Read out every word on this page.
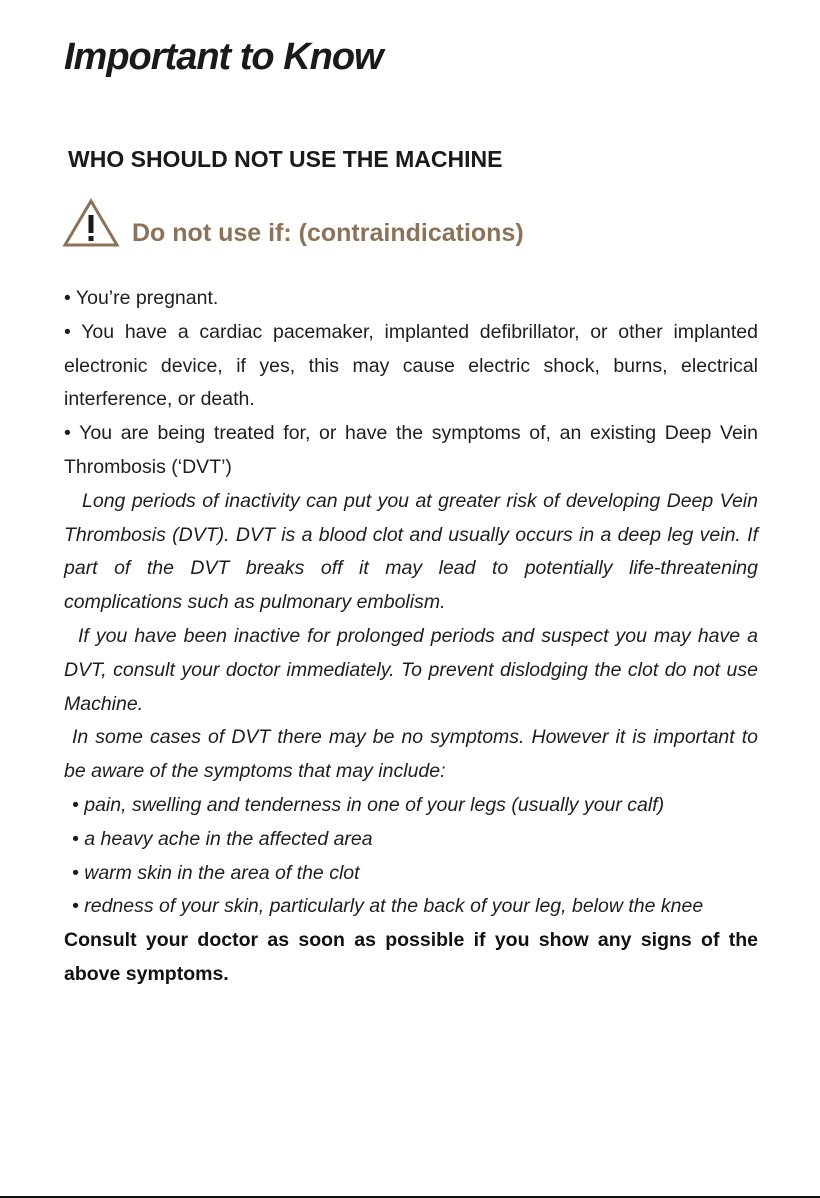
Important to Know
WHO SHOULD NOT USE THE MACHINE
Do not use if: (contraindications)

• You’re pregnant.

• You have a cardiac pacemaker, implanted defibrillator, or other implanted electronic device, if yes, this may cause electric shock, burns, electrical interference, or death.

• You are being treated for, or have the symptoms of, an existing Deep Vein Thrombosis (‘DVT’)

Long periods of inactivity can put you at greater risk of developing Deep Vein Thrombosis (DVT). DVT is a blood clot and usually occurs in a deep leg vein. If part of the DVT breaks off it may lead to potentially life-threatening complications such as pulmonary embolism.

If you have been inactive for prolonged periods and suspect you may have a DVT, consult your doctor immediately. To prevent dislodging the clot do not use Machine.

In some cases of DVT there may be no symptoms. However it is important to be aware of the symptoms that may include:

• pain, swelling and tenderness in one of your legs (usually your calf)

• a heavy ache in the affected area

• warm skin in the area of the clot

• redness of your skin, particularly at the back of your leg, below the knee

Consult your doctor as soon as possible if you show any signs of the above symptoms.
